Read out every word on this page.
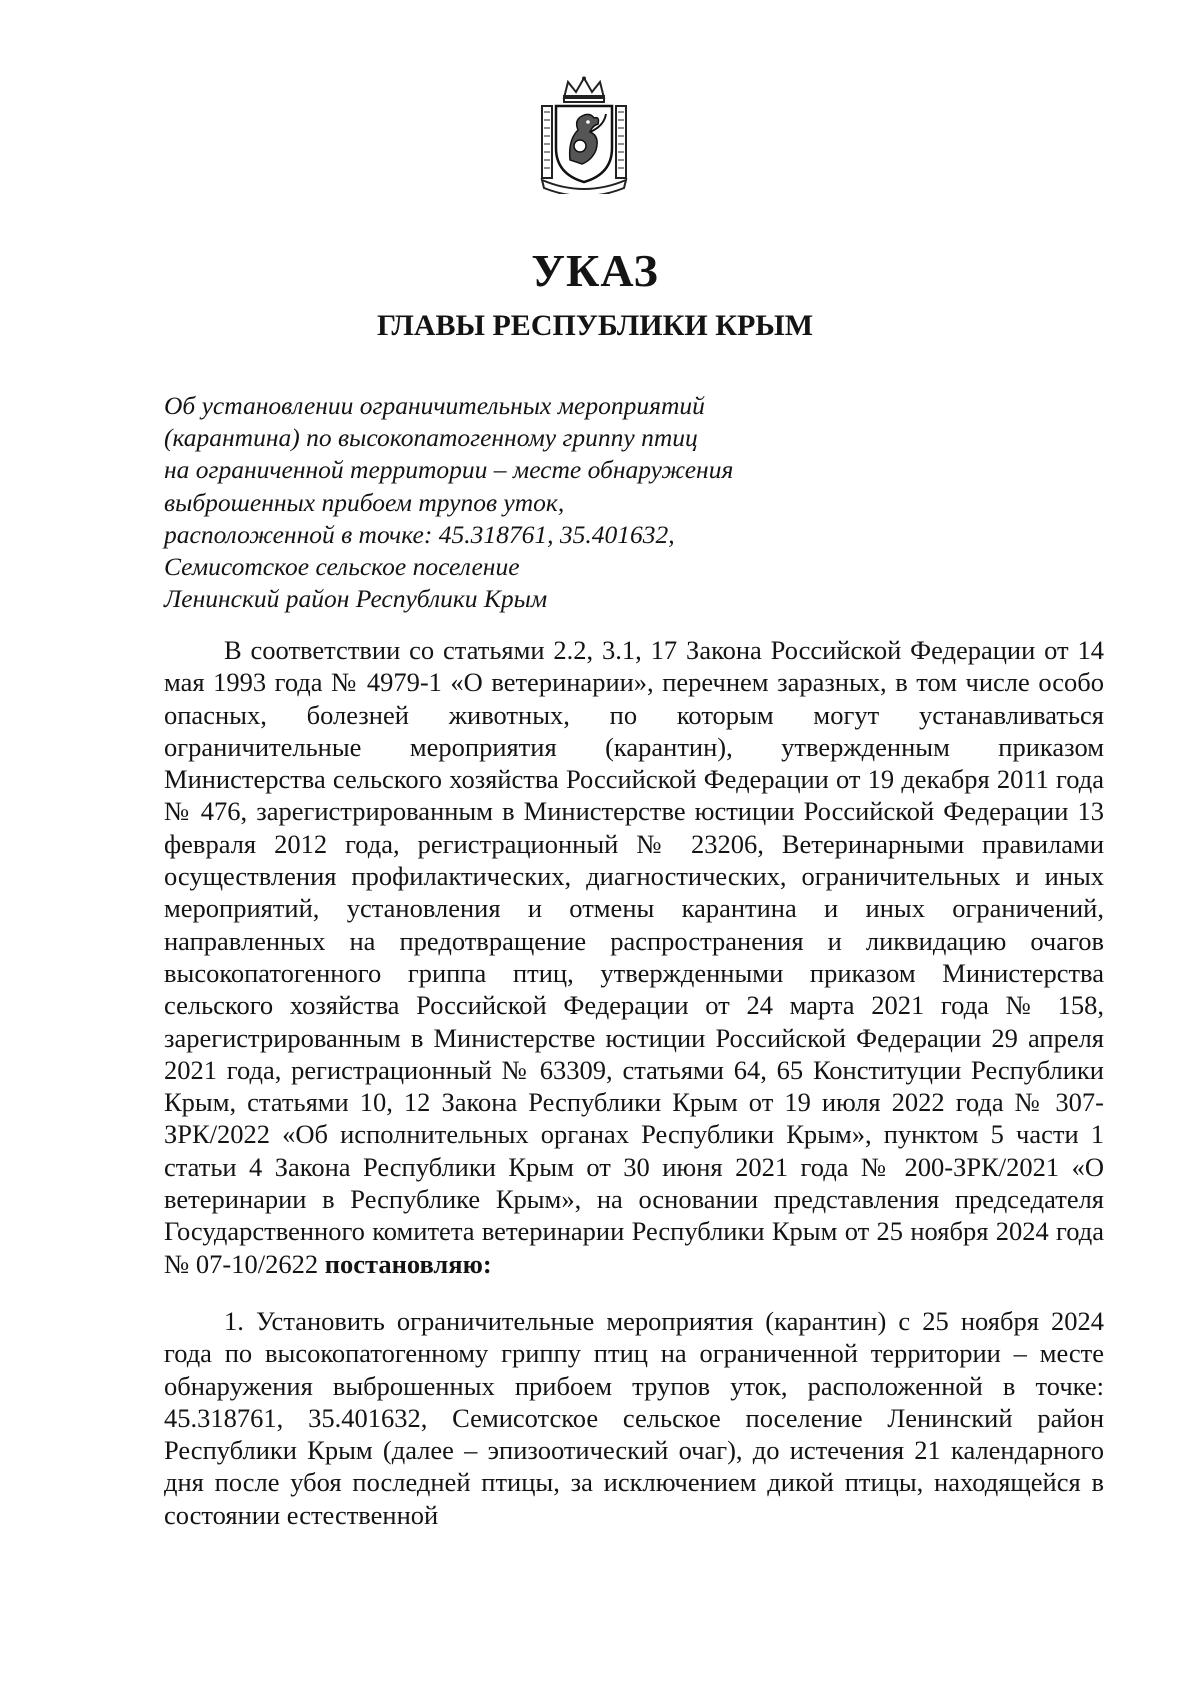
УКАЗ
ГЛАВЫ РЕСПУБЛИКИ КРЫМ
Об установлении ограничительных мероприятий
(карантина) по высокопатогенному гриппу птиц
на ограниченной территории – месте обнаружения
выброшенных прибоем трупов уток,
расположенной в точке: 45.318761, 35.401632,
Семисотское сельское поселение
Ленинский район Республики Крым

В соответствии со статьями 2.2, 3.1, 17 Закона Российской Федерации от 14 мая 1993 года № 4979-1 «О ветеринарии», перечнем заразных, в том числе особо опасных, болезней животных, по которым могут устанавливаться ограничительные мероприятия (карантин), утвержденным приказом Министерства сельского хозяйства Российской Федерации от 19 декабря 2011 года № 476, зарегистрированным в Министерстве юстиции Российской Федерации 13 февраля 2012 года, регистрационный № 23206, Ветеринарными правилами осуществления профилактических, диагностических, ограничительных и иных мероприятий, установления и отмены карантина и иных ограничений, направленных на предотвращение распространения и ликвидацию очагов высокопатогенного гриппа птиц, утвержденными приказом Министерства сельского хозяйства Российской Федерации от 24 марта 2021 года № 158, зарегистрированным в Министерстве юстиции Российской Федерации 29 апреля 2021 года, регистрационный № 63309, статьями 64, 65 Конституции Республики Крым, статьями 10, 12 Закона Республики Крым от 19 июля 2022 года № 307-ЗРК/2022 «Об исполнительных органах Республики Крым», пунктом 5 части 1 статьи 4 Закона Республики Крым от 30 июня 2021 года № 200-ЗРК/2021 «О ветеринарии в Республике Крым», на основании представления председателя Государственного комитета ветеринарии Республики Крым от 25 ноября 2024 года № 07-10/2622 постановляю:

1. Установить ограничительные мероприятия (карантин) с 25 ноября 2024 года по высокопатогенному гриппу птиц на ограниченной территории – месте обнаружения выброшенных прибоем трупов уток, расположенной в точке: 45.318761, 35.401632, Семисотское сельское поселение Ленинский район Республики Крым (далее – эпизоотический очаг), до истечения 21 календарного дня после убоя последней птицы, за исключением дикой птицы, находящейся в состоянии естественной
